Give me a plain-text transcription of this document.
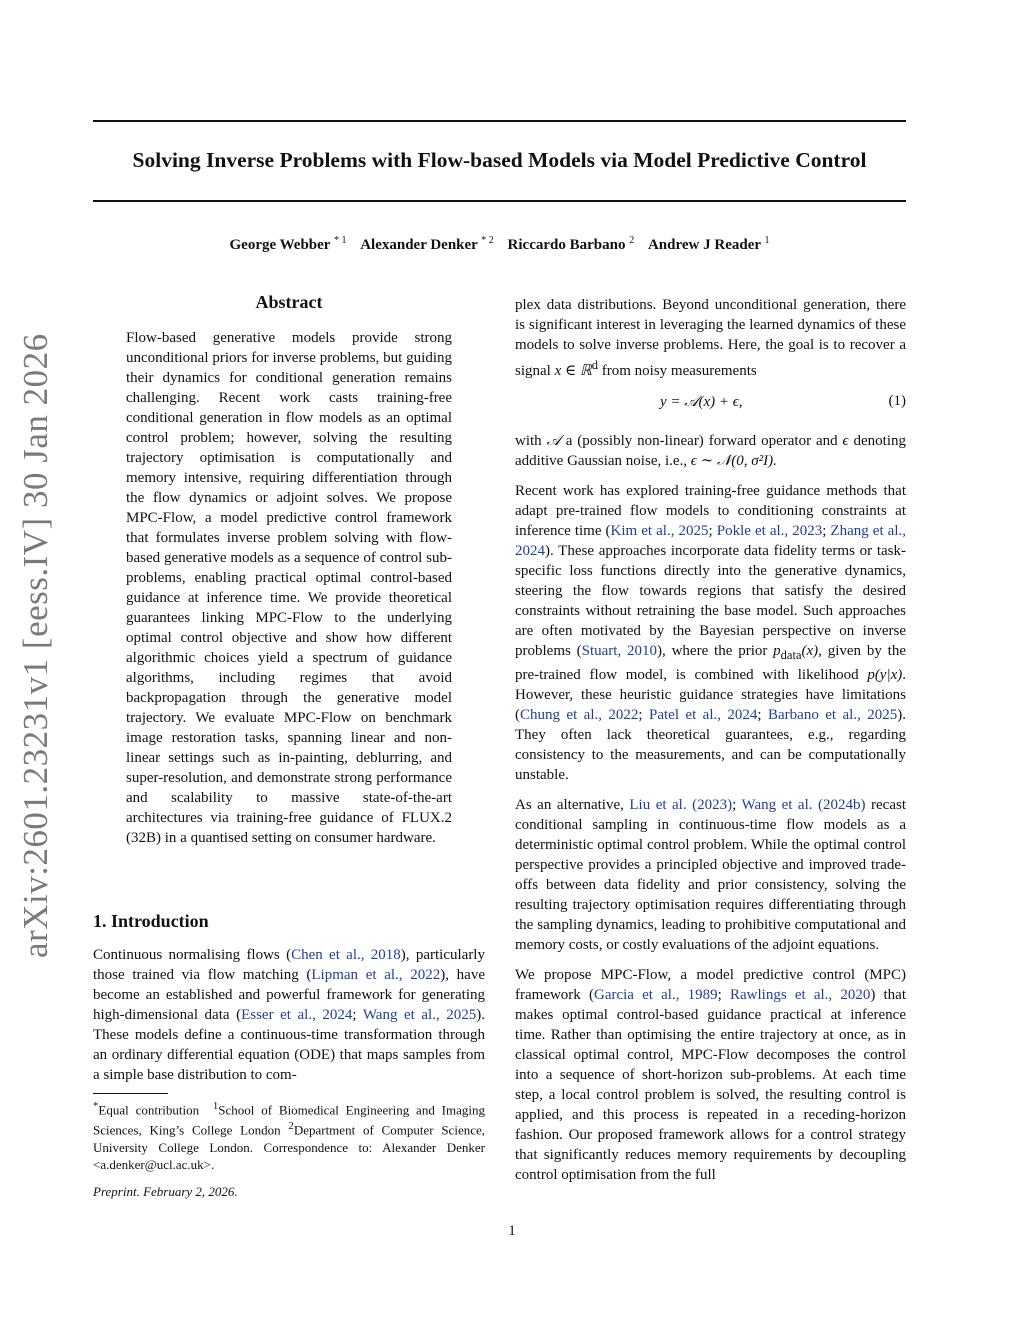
Solving Inverse Problems with Flow-based Models via Model Predictive Control
George Webber $^{* 1}$ Alexander Denker $^{* 2}$ Riccardo Barbano $^2$ Andrew J Reader $^1$
arXiv:2601.23231v1 [eess.IV] 30 Jan 2026
Abstract

Flow-based generative models provide strong unconditional priors for inverse problems, but guiding their dynamics for conditional generation remains challenging. Recent work casts training-free conditional generation in flow models as an optimal control problem; however, solving the resulting trajectory optimisation is computationally and memory intensive, requiring differentiation through the flow dynamics or adjoint solves. We propose MPC-Flow, a model predictive control framework that formulates inverse problem solving with flow-based generative models as a sequence of control sub-problems, enabling practical optimal control-based guidance at inference time. We provide theoretical guarantees linking MPC-Flow to the underlying optimal control objective and show how different algorithmic choices yield a spectrum of guidance algorithms, including regimes that avoid backpropagation through the generative model trajectory. We evaluate MPC-Flow on benchmark image restoration tasks, spanning linear and non-linear settings such as in-painting, deblurring, and super-resolution, and demonstrate strong performance and scalability to massive state-of-the-art architectures via training-free guidance of FLUX.2 (32B) in a quantised setting on consumer hardware.

1. Introduction

Continuous normalising flows (Chen et al., 2018), particularly those trained via flow matching (Lipman et al., 2022), have become an established and powerful framework for generating high-dimensional data (Esser et al., 2024; Wang et al., 2025). These models define a continuous-time transformation through an ordinary differential equation (ODE) that maps samples from a simple base distribution to com-

*Equal contribution $^1$School of Biomedical Engineering and Imaging Sciences, King’s College London $^2$Department of Computer Science, University College London. Correspondence to: Alexander Denker <a.denker@ucl.ac.uk>.
Preprint. February 2, 2026.

plex data distributions. Beyond unconditional generation, there is significant interest in leveraging the learned dynamics of these models to solve inverse problems. Here, the goal is to recover a signal x ∈ ℝ$^d$ from noisy measurements

y = 𝒜(x) + ϵ,	(1)

with 𝒜 a (possibly non-linear) forward operator and ϵ denoting additive Gaussian noise, i.e., ϵ ∼ 𝒩(0, σ²I).

Recent work has explored training-free guidance methods that adapt pre-trained flow models to conditioning constraints at inference time (Kim et al., 2025; Pokle et al., 2023; Zhang et al., 2024). These approaches incorporate data fidelity terms or task-specific loss functions directly into the generative dynamics, steering the flow towards regions that satisfy the desired constraints without retraining the base model. Such approaches are often motivated by the Bayesian perspective on inverse problems (Stuart, 2010), where the prior $p_{data}(x)$, given by the pre-trained flow model, is combined with likelihood p(y|x). However, these heuristic guidance strategies have limitations (Chung et al., 2022; Patel et al., 2024; Barbano et al., 2025). They often lack theoretical guarantees, e.g., regarding consistency to the measurements, and can be computationally unstable.

As an alternative, Liu et al. (2023); Wang et al. (2024b) recast conditional sampling in continuous-time flow models as a deterministic optimal control problem. While the optimal control perspective provides a principled objective and improved trade-offs between data fidelity and prior consistency, solving the resulting trajectory optimisation requires differentiating through the sampling dynamics, leading to prohibitive computational and memory costs, or costly evaluations of the adjoint equations.

We propose MPC-Flow, a model predictive control (MPC) framework (Garcia et al., 1989; Rawlings et al., 2020) that makes optimal control-based guidance practical at inference time. Rather than optimising the entire trajectory at once, as in classical optimal control, MPC-Flow decomposes the control into a sequence of short-horizon sub-problems. At each time step, a local control problem is solved, the resulting control is applied, and this process is repeated in a receding-horizon fashion. Our proposed framework allows for a control strategy that significantly reduces memory requirements by decoupling control optimisation from the full

1
